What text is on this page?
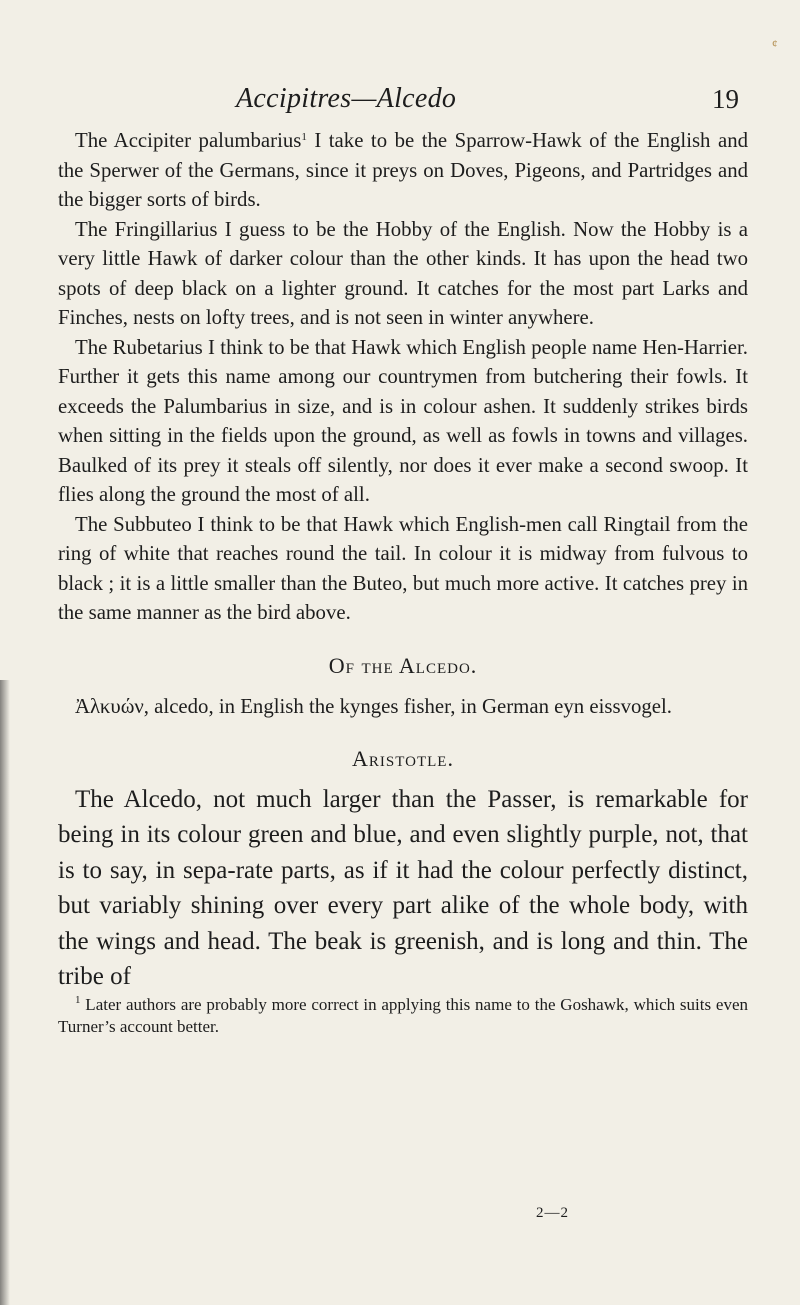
¢
Accipitres—Alcedo	19

The Accipiter palumbarius$^1$ I take to be the Sparrow-Hawk of the English and the Sperwer of the Germans, since it preys on Doves, Pigeons, and Partridges and the bigger sorts of birds.

The Fringillarius I guess to be the Hobby of the English. Now the Hobby is a very little Hawk of darker colour than the other kinds. It has upon the head two spots of deep black on a lighter ground. It catches for the most part Larks and Finches, nests on lofty trees, and is not seen in winter anywhere.

The Rubetarius I think to be that Hawk which English people name Hen-Harrier. Further it gets this name among our countrymen from butchering their fowls. It exceeds the Palumbarius in size, and is in colour ashen. It suddenly strikes birds when sitting in the fields upon the ground, as well as fowls in towns and villages. Baulked of its prey it steals off silently, nor does it ever make a second swoop. It flies along the ground the most of all.

The Subbuteo I think to be that Hawk which English-men call Ringtail from the ring of white that reaches round the tail. In colour it is midway from fulvous to black ; it is a little smaller than the Buteo, but much more active. It catches prey in the same manner as the bird above.

Of the Alcedo.

Ἀλκυών, alcedo, in English the kynges fisher, in German eyn eissvogel.

Aristotle.

The Alcedo, not much larger than the Passer, is remarkable for being in its colour green and blue, and even slightly purple, not, that is to say, in sepa-rate parts, as if it had the colour perfectly distinct, but variably shining over every part alike of the whole body, with the wings and head. The beak is greenish, and is long and thin. The tribe of

$^1$ Later authors are probably more correct in applying this name to the Goshawk, which suits even Turner’s account better.

2—2
